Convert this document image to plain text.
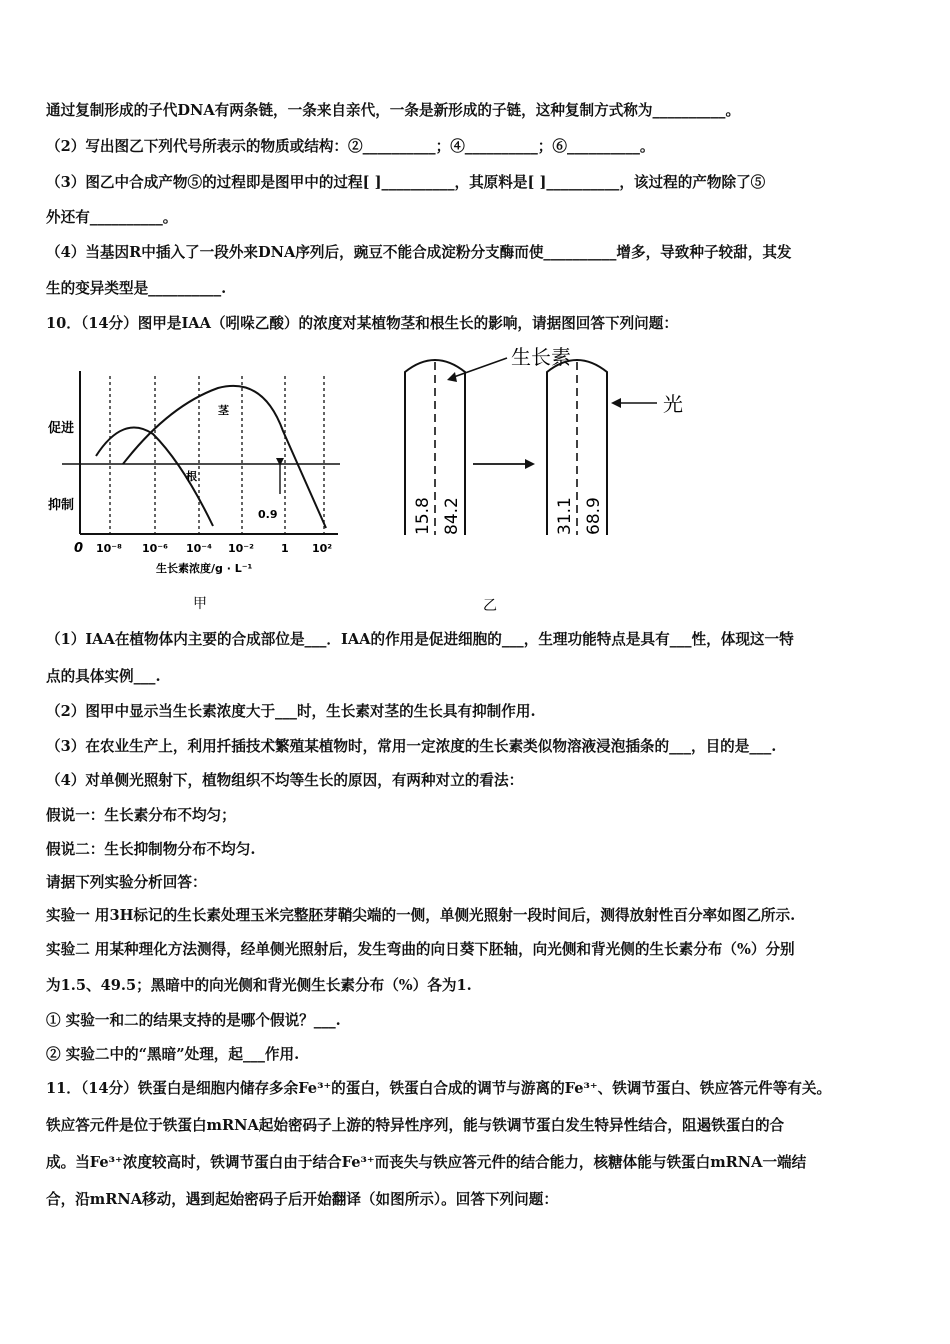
通过复制形成的子代DNA有两条链，一条来自亲代，一条是新形成的子链，这种复制方式称为__________。
（2）写出图乙下列代号所表示的物质或结构：②__________；④__________；⑥__________。
（3）图乙中合成产物⑤的过程即是图甲中的过程[ ]__________，其原料是[ ]__________，该过程的产物除了⑤
外还有__________。
（4）当基因R中插入了一段外来DNA序列后，豌豆不能合成淀粉分支酶而使__________增多，导致种子较甜，其发
生的变异类型是__________.
10．（14分）图甲是IAA（吲哚乙酸）的浓度对某植物茎和根生长的影响，请据图回答下列问题：
促进
抑制
0 10⁻⁸ 10⁻⁶ 10⁻⁴ 10⁻² 1 10²
生长素浓度/g · L⁻¹
茎
根
0.9
甲
生长素
光
15.8 84.2	31.1 68.9
乙
（1）IAA在植物体内主要的合成部位是___．IAA的作用是促进细胞的___，生理功能特点是具有___性，体现这一特
点的具体实例___.
（2）图甲中显示当生长素浓度大于___时，生长素对茎的生长具有抑制作用.
（3）在农业生产上，利用扦插技术繁殖某植物时，常用一定浓度的生长素类似物溶液浸泡插条的___，目的是___.
（4）对单侧光照射下，植物组织不均等生长的原因，有两种对立的看法：
假说一：生长素分布不均匀；
假说二：生长抑制物分布不均匀.
请据下列实验分析回答：
实验一 用3H标记的生长素处理玉米完整胚芽鞘尖端的一侧，单侧光照射一段时间后，测得放射性百分率如图乙所示.
实验二 用某种理化方法测得，经单侧光照射后，发生弯曲的向日葵下胚轴，向光侧和背光侧的生长素分布（%）分别
为1.5、49.5；黑暗中的向光侧和背光侧生长素分布（%）各为1.
① 实验一和二的结果支持的是哪个假说？___.
② 实验二中的“黑暗”处理，起___作用.
11．（14分）铁蛋白是细胞内储存多余Fe³⁺的蛋白，铁蛋白合成的调节与游离的Fe³⁺、铁调节蛋白、铁应答元件等有关。
铁应答元件是位于铁蛋白mRNA起始密码子上游的特异性序列，能与铁调节蛋白发生特异性结合，阻遏铁蛋白的合
成。当Fe³⁺浓度较高时，铁调节蛋白由于结合Fe³⁺而丧失与铁应答元件的结合能力，核糖体能与铁蛋白mRNA一端结
合，沿mRNA移动，遇到起始密码子后开始翻译（如图所示）。回答下列问题：
